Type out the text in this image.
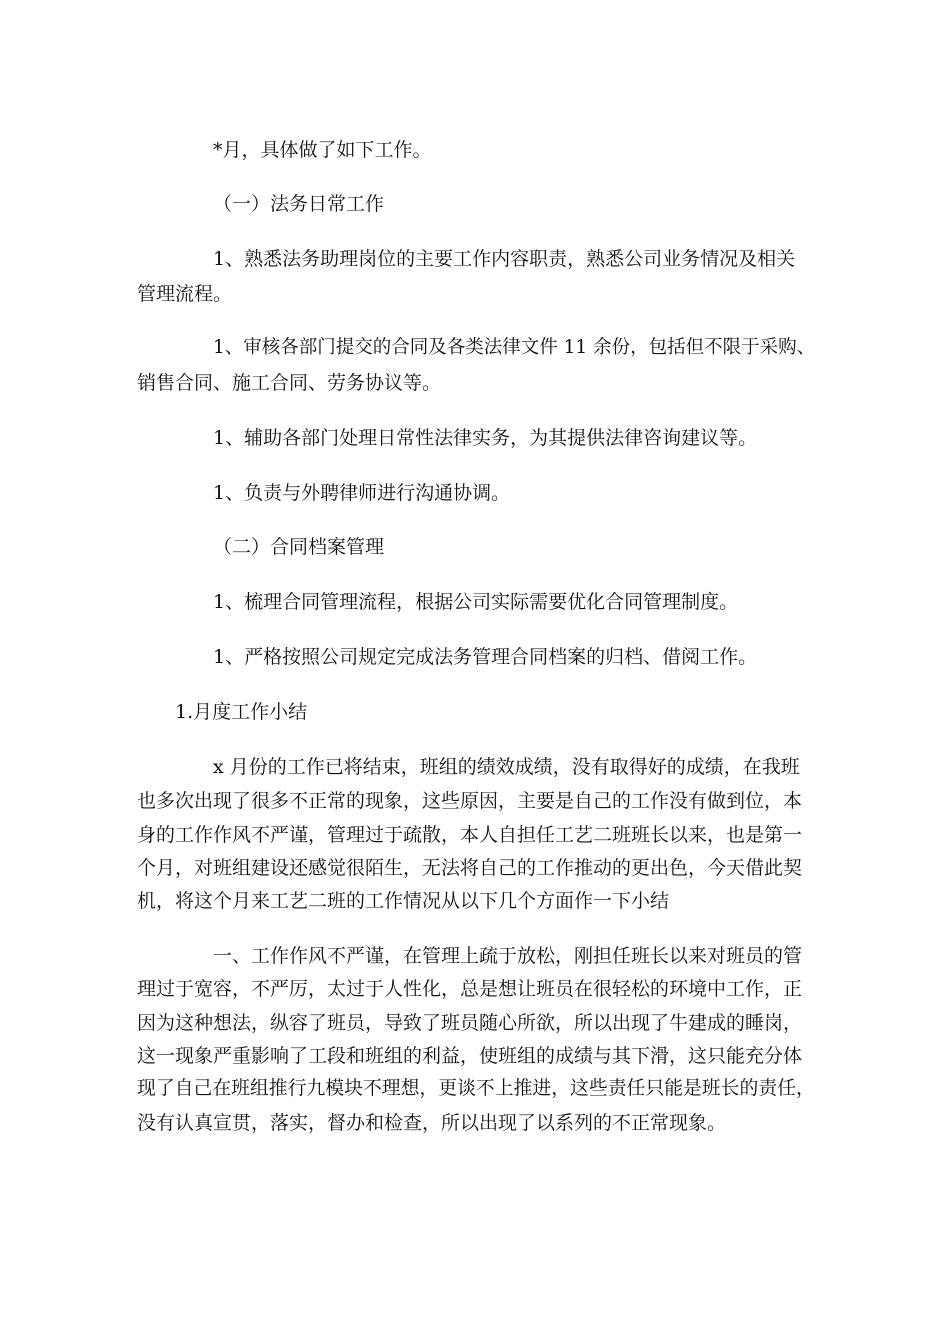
*月，具体做了如下工作。
（一）法务日常工作
1、熟悉法务助理岗位的主要工作内容职责，熟悉公司业务情况及相关
管理流程。
1、审核各部门提交的合同及各类法律文件 11 余份，包括但不限于采购、
销售合同、施工合同、劳务协议等。
1、辅助各部门处理日常性法律实务，为其提供法律咨询建议等。
1、负责与外聘律师进行沟通协调。
（二）合同档案管理
1、梳理合同管理流程，根据公司实际需要优化合同管理制度。
1、严格按照公司规定完成法务管理合同档案的归档、借阅工作。
1.月度工作小结
x 月份的工作已将结束，班组的绩效成绩，没有取得好的成绩，在我班
也多次出现了很多不正常的现象，这些原因，主要是自己的工作没有做到位，本
身的工作作风不严谨，管理过于疏散，本人自担任工艺二班班长以来，也是第一
个月，对班组建设还感觉很陌生，无法将自己的工作推动的更出色，今天借此契
机，将这个月来工艺二班的工作情况从以下几个方面作一下小结
一、工作作风不严谨，在管理上疏于放松，刚担任班长以来对班员的管
理过于宽容，不严厉，太过于人性化，总是想让班员在很轻松的环境中工作，正
因为这种想法，纵容了班员，导致了班员随心所欲，所以出现了牛建成的睡岗，
这一现象严重影响了工段和班组的利益，使班组的成绩与其下滑，这只能充分体
现了自己在班组推行九模块不理想，更谈不上推进，这些责任只能是班长的责任，
没有认真宣贯，落实，督办和检查，所以出现了以系列的不正常现象。
